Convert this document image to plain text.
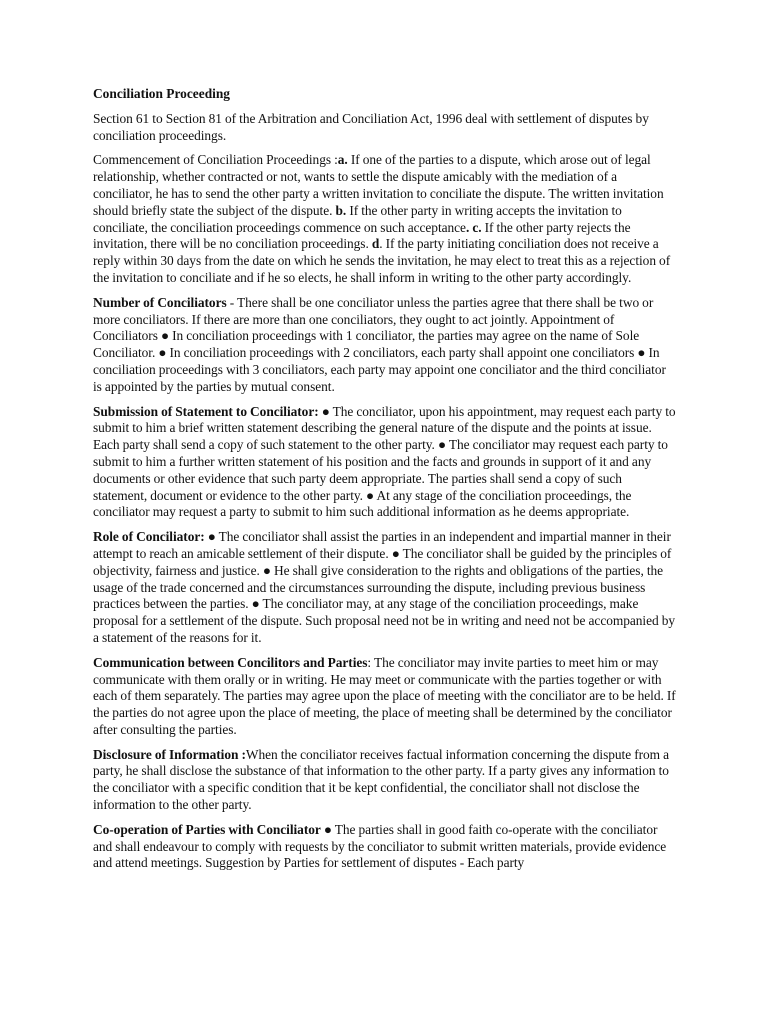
Conciliation Proceeding

Section 61 to Section 81 of the Arbitration and Conciliation Act, 1996 deal with settlement of disputes by conciliation proceedings.

Commencement of Conciliation Proceedings :a. If one of the parties to a dispute, which arose out of legal relationship, whether contracted or not, wants to settle the dispute amicably with the mediation of a conciliator, he has to send the other party a written invitation to conciliate the dispute. The written invitation should briefly state the subject of the dispute. b. If the other party in writing accepts the invitation to conciliate, the conciliation proceedings commence on such acceptance. c. If the other party rejects the invitation, there will be no conciliation proceedings. d. If the party initiating conciliation does not receive a reply within 30 days from the date on which he sends the invitation, he may elect to treat this as a rejection of the invitation to conciliate and if he so elects, he shall inform in writing to the other party accordingly.

Number of Conciliators - There shall be one conciliator unless the parties agree that there shall be two or more conciliators. If there are more than one conciliators, they ought to act jointly. Appointment of Conciliators ● In conciliation proceedings with 1 conciliator, the parties may agree on the name of Sole Conciliator. ● In conciliation proceedings with 2 conciliators, each party shall appoint one conciliators ● In conciliation proceedings with 3 conciliators, each party may appoint one conciliator and the third conciliator is appointed by the parties by mutual consent.

Submission of Statement to Conciliator: ● The conciliator, upon his appointment, may request each party to submit to him a brief written statement describing the general nature of the dispute and the points at issue. Each party shall send a copy of such statement to the other party. ● The conciliator may request each party to submit to him a further written statement of his position and the facts and grounds in support of it and any documents or other evidence that such party deem appropriate. The parties shall send a copy of such statement, document or evidence to the other party. ● At any stage of the conciliation proceedings, the conciliator may request a party to submit to him such additional information as he deems appropriate.

Role of Conciliator: ● The conciliator shall assist the parties in an independent and impartial manner in their attempt to reach an amicable settlement of their dispute. ● The conciliator shall be guided by the principles of objectivity, fairness and justice. ● He shall give consideration to the rights and obligations of the parties, the usage of the trade concerned and the circumstances surrounding the dispute, including previous business practices between the parties. ● The conciliator may, at any stage of the conciliation proceedings, make proposal for a settlement of the dispute. Such proposal need not be in writing and need not be accompanied by a statement of the reasons for it.

Communication between Concilitors and Parties: The conciliator may invite parties to meet him or may communicate with them orally or in writing. He may meet or communicate with the parties together or with each of them separately. The parties may agree upon the place of meeting with the conciliator are to be held. If the parties do not agree upon the place of meeting, the place of meeting shall be determined by the conciliator after consulting the parties.

Disclosure of Information :When the conciliator receives factual information concerning the dispute from a party, he shall disclose the substance of that information to the other party. If a party gives any information to the conciliator with a specific condition that it be kept confidential, the conciliator shall not disclose the information to the other party.

Co-operation of Parties with Conciliator ● The parties shall in good faith co-operate with the conciliator and shall endeavour to comply with requests by the conciliator to submit written materials, provide evidence and attend meetings. Suggestion by Parties for settlement of disputes - Each party
